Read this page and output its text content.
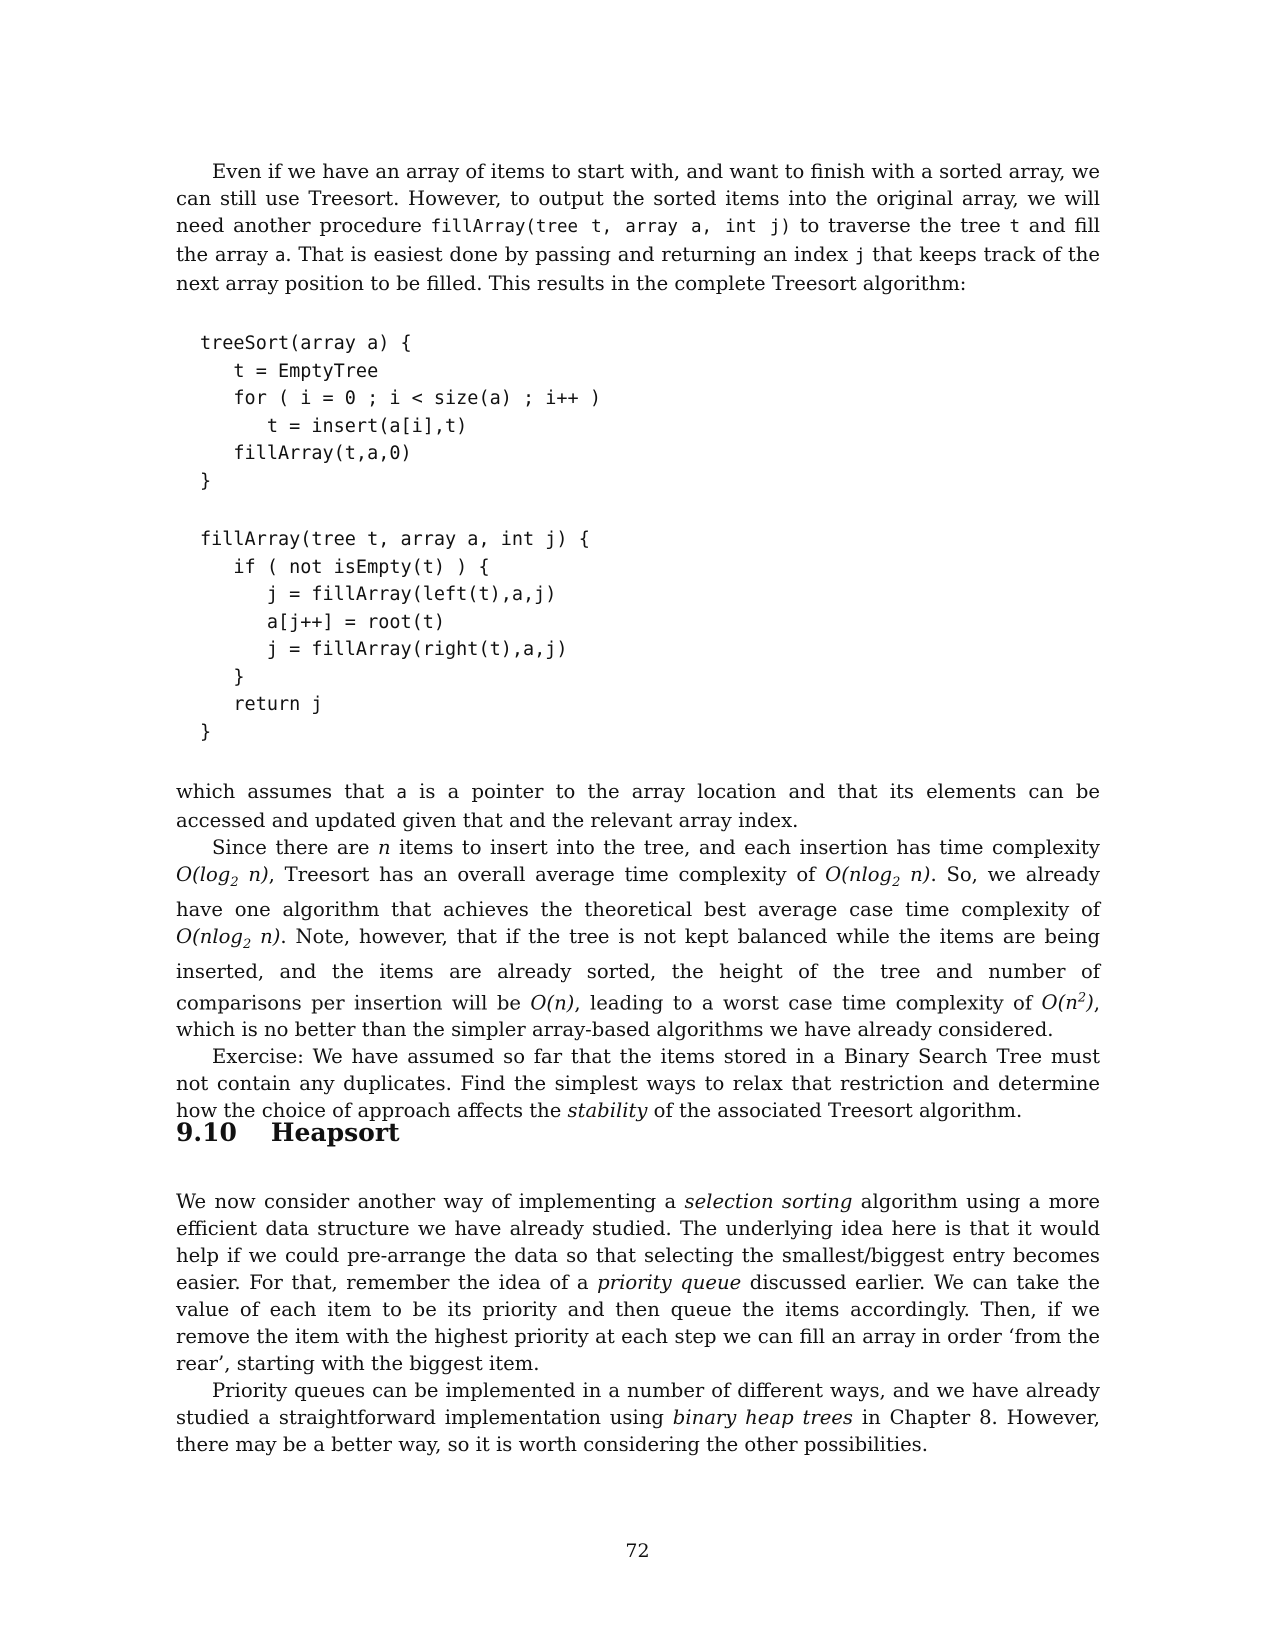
Even if we have an array of items to start with, and want to finish with a sorted array, we can still use Treesort. However, to output the sorted items into the original array, we will need another procedure fillArray(tree t, array a, int j) to traverse the tree t and fill the array a. That is easiest done by passing and returning an index j that keeps track of the next array position to be filled. This results in the complete Treesort algorithm:

treeSort(array a) {
t = EmptyTree
for ( i = 0 ; i < size(a) ; i++ )
t = insert(a[i],t)
fillArray(t,a,0)
}
fillArray(tree t, array a, int j) {
if ( not isEmpty(t) ) {
j = fillArray(left(t),a,j)
a[j++] = root(t)
j = fillArray(right(t),a,j)
}
return j
}

which assumes that a is a pointer to the array location and that its elements can be accessed and updated given that and the relevant array index.

Since there are n items to insert into the tree, and each insertion has time complexity $O(\log_2$ n), Treesort has an overall average time complexity of O(nlog$_2$ n). So, we already have one algorithm that achieves the theoretical best average case time complexity of O(nlog$_2$ n). Note, however, that if the tree is not kept balanced while the items are being inserted, and the items are already sorted, the height of the tree and number of comparisons per insertion will be O(n), leading to a worst case time complexity of $O(n^2)$, which is no better than the simpler array-based algorithms we have already considered.

Exercise: We have assumed so far that the items stored in a Binary Search Tree must not contain any duplicates. Find the simplest ways to relax that restriction and determine how the choice of approach affects the stability of the associated Treesort algorithm.

9.10 Heapsort

We now consider another way of implementing a selection sorting algorithm using a more efficient data structure we have already studied. The underlying idea here is that it would help if we could pre-arrange the data so that selecting the smallest/biggest entry becomes easier. For that, remember the idea of a priority queue discussed earlier. We can take the value of each item to be its priority and then queue the items accordingly. Then, if we remove the item with the highest priority at each step we can fill an array in order ‘from the rear’, starting with the biggest item.

Priority queues can be implemented in a number of different ways, and we have already studied a straightforward implementation using binary heap trees in Chapter 8. However, there may be a better way, so it is worth considering the other possibilities.

72
